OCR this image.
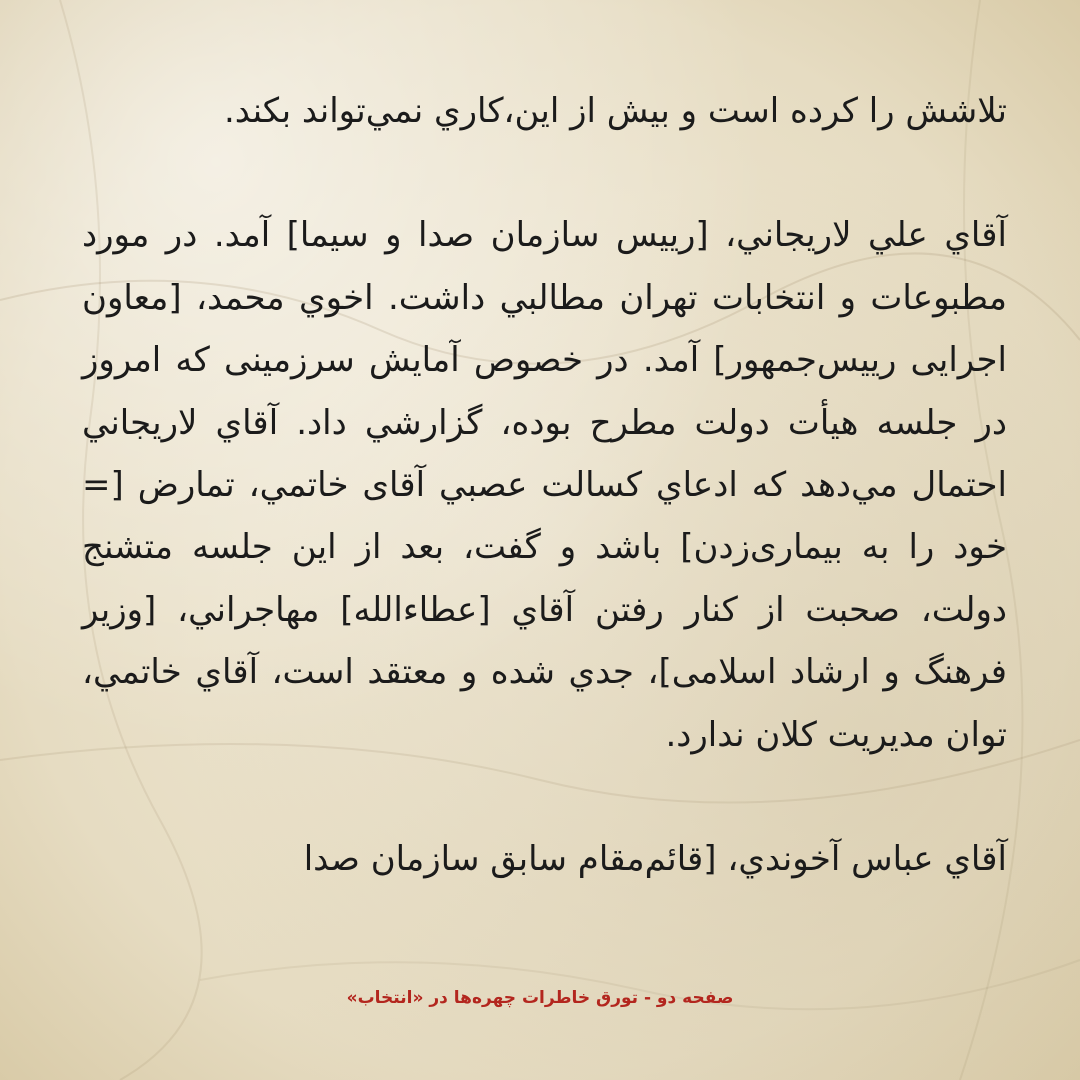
تلاشش را كرده است و بيش از اين،كاري نمي‌تواند بكند.

آقاي علي لاريجاني، [رييس سازمان صدا و سيما] آمد. در مورد مطبوعات و انتخابات تهران مطالبي داشت. اخوي محمد، [معاون اجرايی رييس‌جمهور] آمد. در خصوص آمايش سرزمينی كه امروز در جلسه هيأت دولت مطرح بوده، گزارشي داد. آقاي لاريجاني احتمال مي‌دهد كه ادعاي كسالت عصبي آقای خاتمي، تمارض [= خود را به بيماری‌زدن] باشد و گفت، بعد از اين جلسه متشنج دولت، صحبت از كنار رفتن آقاي [عطاءالله] مهاجراني، [وزير فرهنگ و ارشاد اسلامی]، جدي شده و معتقد است، آقاي خاتمي، توان مديريت كلان ندارد.

آقاي عباس آخوندي، [قائم‌مقام سابق سازمان صدا

صفحه دو - تورق خاطرات چهره‌ها در «انتخاب»
